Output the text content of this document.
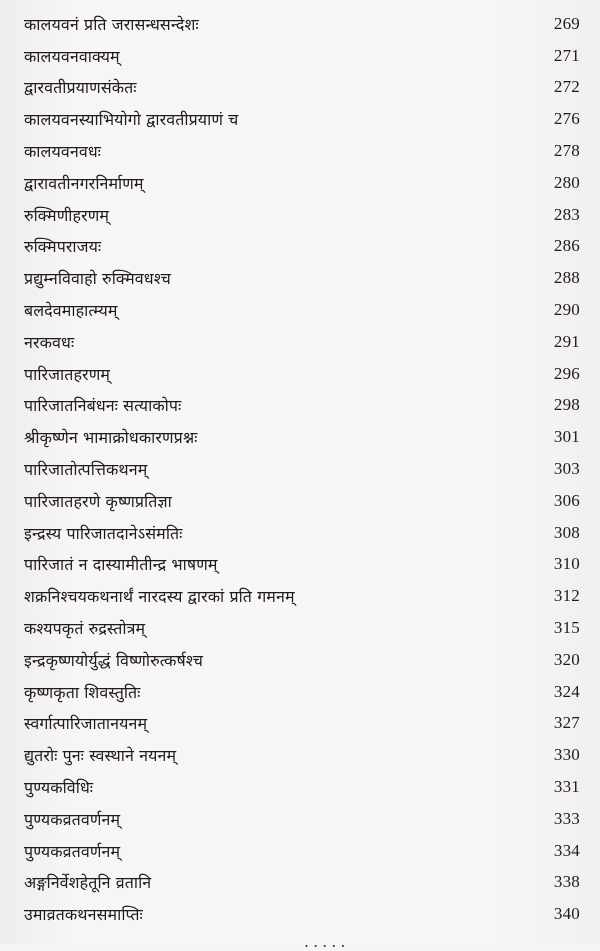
कालयवनं प्रति जरासन्धसन्देशः	269
कालयवनवाक्यम्	271
द्वारवतीप्रयाणसंकेतः	272
कालयवनस्याभियोगो द्वारवतीप्रयाणं च	276
कालयवनवधः	278
द्वारावतीनगरनिर्माणम्	280
रुक्मिणीहरणम्	283
रुक्मिपराजयः	286
प्रद्युम्नविवाहो रुक्मिवधश्च	288
बलदेवमाहात्म्यम्	290
नरकवधः	291
पारिजातहरणम्	296
पारिजातनिबंधनः सत्याकोपः	298
श्रीकृष्णेन भामाक्रोधकारणप्रश्नः	301
पारिजातोत्पत्तिकथनम्	303
पारिजातहरणे कृष्णप्रतिज्ञा	306
इन्द्रस्य पारिजातदानेऽसंमतिः	308
पारिजातं न दास्यामीतीन्द्र भाषणम्	310
शक्रनिश्चयकथनार्थं नारदस्य द्वारकां प्रति गमनम्	312
कश्यपकृतं रुद्रस्तोत्रम्	315
इन्द्रकृष्णयोर्युद्धं विष्णोरुत्कर्षश्च	320
कृष्णकृता शिवस्तुतिः	324
स्वर्गात्पारिजातानयनम्	327
द्युतरोः पुनः स्वस्थाने नयनम्	330
पुण्यकविधिः	331
पुण्यकव्रतवर्णनम्	333
पुण्यकव्रतवर्णनम्	334
अङ्गनिर्वेशहेतूनि व्रतानि	338
उमाव्रतकथनसमाप्तिः	340
.....
